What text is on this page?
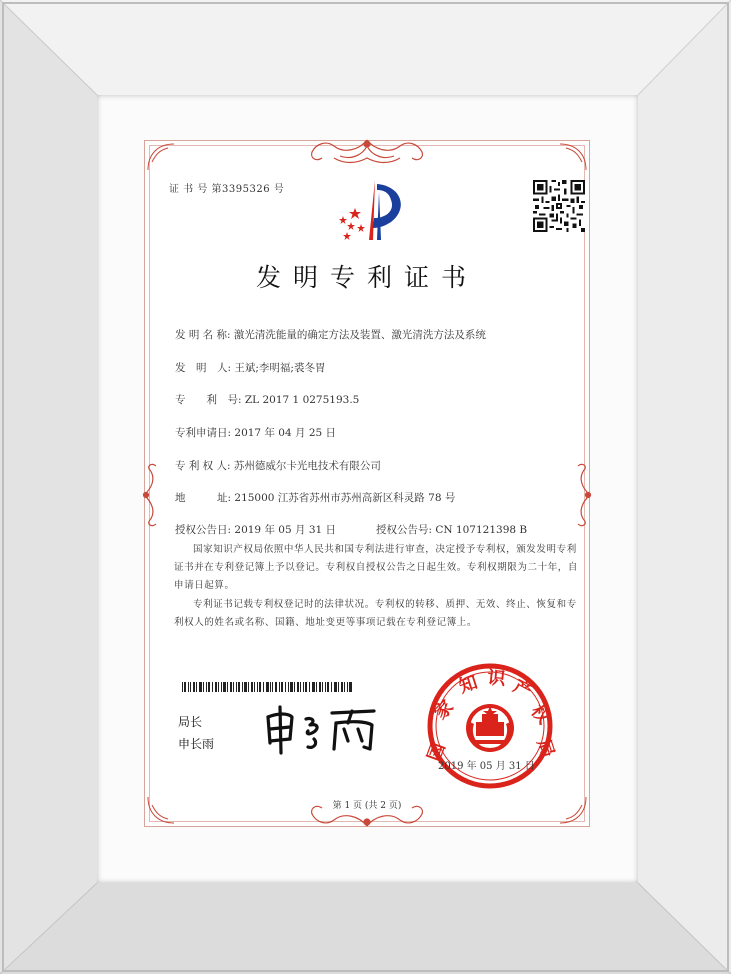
证 书 号 第3395326 号
发明专利证书
发 明 名 称: 激光清洗能量的确定方法及装置、激光清洗方法及系统
发　明　人: 王斌;李明福;裘冬胃
专　　利　号: ZL 2017 1 0275193.5
专利申请日: 2017 年 04 月 25 日
专 利 权 人: 苏州德威尔卡光电技术有限公司
地　　　址: 215000 江苏省苏州市苏州高新区科灵路 78 号
授权公告日: 2019 年 05 月 31 日	授权公告号: CN 107121398 B
国家知识产权局依照中华人民共和国专利法进行审查，决定授予专利权，颁发发明专利
证书并在专利登记簿上予以登记。专利权自授权公告之日起生效。专利权期限为二十年，自
申请日起算。
专利证书记载专利权登记时的法律状况。专利权的转移、质押、无效、终止、恢复和专
利权人的姓名或名称、国籍、地址变更等事项记载在专利登记簿上。
局长
申长雨	国
家
知 识 产
权
局
2019 年 05 月 31 日
第 1 页 (共 2 页)
